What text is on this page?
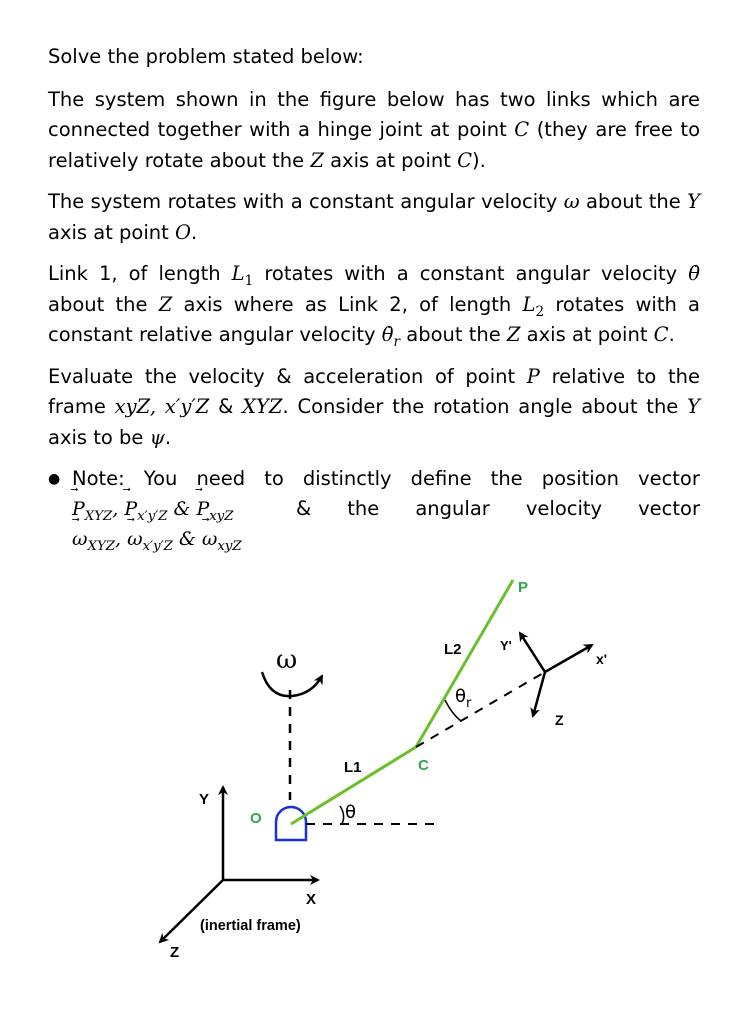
Solve the problem stated below:

The system shown in the figure below has two links which are connected together with a hinge joint at point C (they are free to relatively rotate about the Z axis at point C).

The system rotates with a constant angular velocity ω about the Y axis at point O.

Link 1, of length $L_1$ rotates with a constant angular velocity θ̇ about the Z axis where as Link 2, of length $L_2$ rotates with a constant relative angular velocity $\thetȧ_r$ about the Z axis at point C.

Evaluate the velocity & acceleration of point P relative to the frame xyZ, x′y′Z & XYZ. Consider the rotation angle about the Y axis to be ψ.

● Note: You need to distinctly define the position vector
⃗ $P_{XYZ}$, ⃗ $P_{x'y'Z}$ & ⃗ $P_{xyZ}$	& the angular velocity vector
⃗ $\omega_{XYZ}$, ⃗ $\omega_{x'y'Z}$ & ⃗ $\omega_{xyZ}$
Y
X
Z
(inertial frame)
ω
O	θ
L1
L2
C
P
$\theta_r$
Y'
x'
Z
